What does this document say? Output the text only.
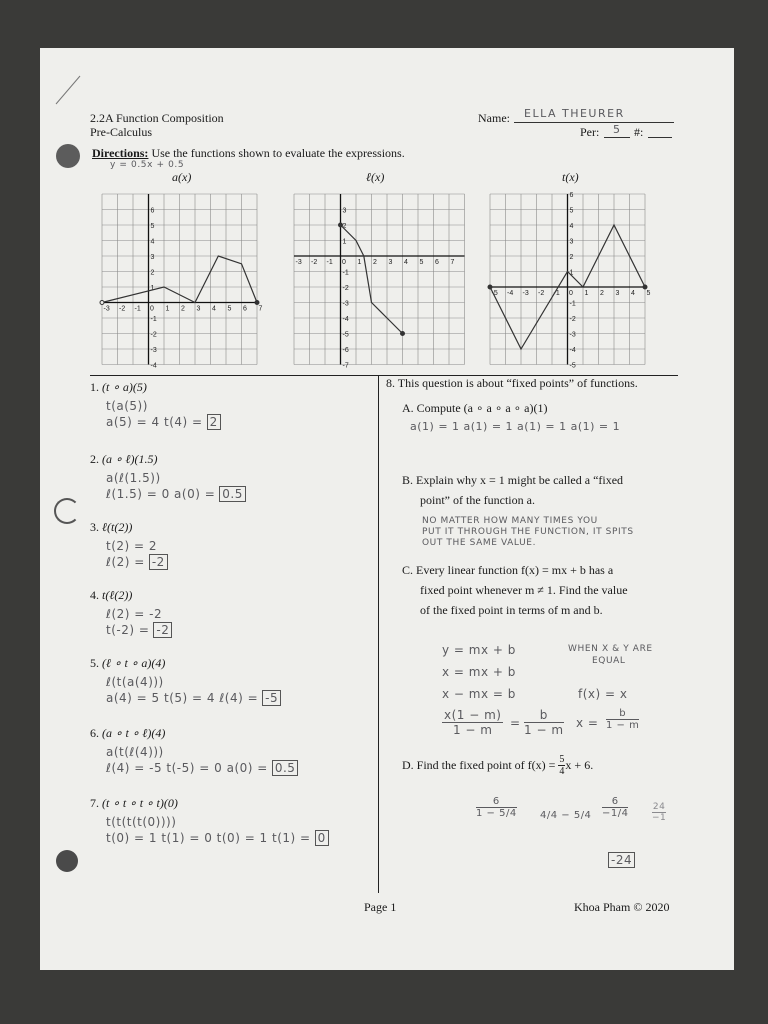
2.2A Function Composition
Pre-Calculus
Name: ELLA THEURER
Per: 5 #:
Directions: Use the functions shown to evaluate the expressions.
y = 0.5x + 0.5
a(x)	ℓ(x)	t(x)
-3 -2 -1 0 1 2 3 4 5 6 7
6
5
4
3
2
1
-1
-2
-3
-4
-3 -2 -1 0 1 2 3 4 5 6 7
3
2
1
-1
-2
-3
-4
-5
-6
-7
-5 -4 -3 -2 -1 0 1 2 3 4 5
6
5
4
3
2
1
-1
-2
-3
-4
-5
1. (t ∘ a)(5)
t(a(5))
a(5) = 4 t(4) = 2
2. (a ∘ ℓ)(1.5)
a(ℓ(1.5))
ℓ(1.5) = 0 a(0) = 0.5
3. ℓ(t(2))
t(2) = 2
ℓ(2) = -2
4. t(ℓ(2))
ℓ(2) = -2
t(-2) = -2
5. (ℓ ∘ t ∘ a)(4)
ℓ(t(a(4)))
a(4) = 5 t(5) = 4 ℓ(4) = -5
6. (a ∘ t ∘ ℓ)(4)
a(t(ℓ(4)))
ℓ(4) = -5 t(-5) = 0 a(0) = 0.5
7. (t ∘ t ∘ t ∘ t)(0)
t(t(t(t(0))))
t(0) = 1 t(1) = 0 t(0) = 1 t(1) = 0
8. This question is about “fixed points” of functions.
A. Compute (a ∘ a ∘ a ∘ a)(1)
a(1) = 1 a(1) = 1 a(1) = 1 a(1) = 1
B. Explain why x = 1 might be called a “fixed
point” of the function a.
NO MATTER HOW MANY TIMES YOU
PUT IT THROUGH THE FUNCTION, IT SPITS
OUT THE SAME VALUE.
C. Every linear function f(x) = mx + b has a
fixed point whenever m ≠ 1. Find the value
of the fixed point in terms of m and b.
y = mx + b	WHEN X & Y ARE
EQUAL
x = mx + b
x − mx = b	f(x) = x
x(1 − m)
1 − m	=
b
1 − m x =
b
1 − m
D.
Find the fixed point of f(x) =
$\frac{5}{4}$ x + 6.
6
1 − 5/4 4/4 − 5/4
6
−1/4
24
−1
-24
Page 1	Khoa Pham © 2020
